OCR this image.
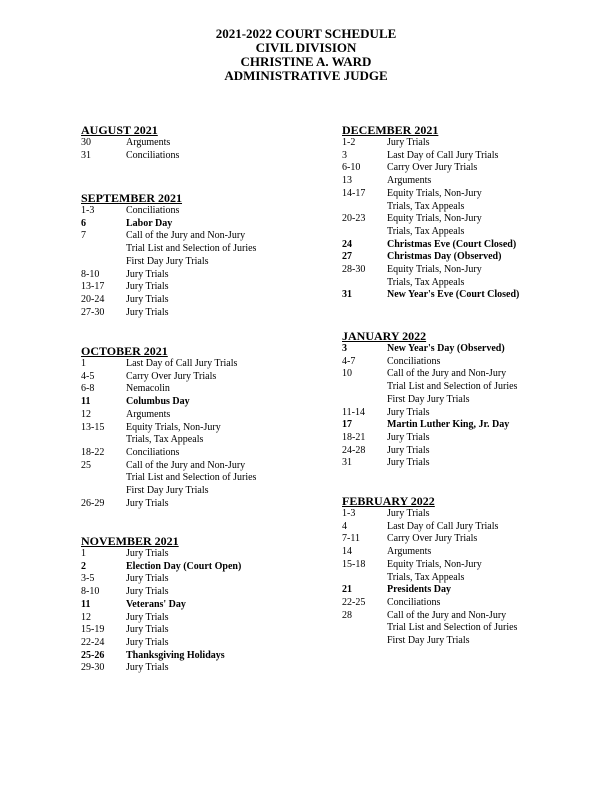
2021-2022 COURT SCHEDULE
CIVIL DIVISION
CHRISTINE A. WARD
ADMINISTRATIVE JUDGE
AUGUST 2021
30	Arguments
31	Conciliations
SEPTEMBER 2021
1-3	Conciliations
6	Labor Day
7	Call of the Jury and Non-Jury
Trial List and Selection of Juries
First Day Jury Trials
8-10	Jury Trials
13-17	Jury Trials
20-24	Jury Trials
27-30	Jury Trials
OCTOBER 2021
1	Last Day of Call Jury Trials
4-5	Carry Over Jury Trials
6-8	Nemacolin
11	Columbus Day
12	Arguments
13-15	Equity Trials, Non-Jury
Trials, Tax Appeals
18-22	Conciliations
25	Call of the Jury and Non-Jury
Trial List and Selection of Juries
First Day Jury Trials
26-29	Jury Trials
NOVEMBER 2021
1	Jury Trials
2	Election Day (Court Open)
3-5	Jury Trials
8-10	Jury Trials
11	Veterans' Day
12	Jury Trials
15-19	Jury Trials
22-24	Jury Trials
25-26	Thanksgiving Holidays
29-30	Jury Trials
DECEMBER 2021
1-2	Jury Trials
3	Last Day of Call Jury Trials
6-10	Carry Over Jury Trials
13	Arguments
14-17	Equity Trials, Non-Jury
Trials, Tax Appeals
20-23	Equity Trials, Non-Jury
Trials, Tax Appeals
24	Christmas Eve (Court Closed)
27	Christmas Day (Observed)
28-30	Equity Trials, Non-Jury
Trials, Tax Appeals
31	New Year's Eve (Court Closed)
JANUARY 2022
3	New Year's Day (Observed)
4-7	Conciliations
10	Call of the Jury and Non-Jury
Trial List and Selection of Juries
First Day Jury Trials
11-14	Jury Trials
17	Martin Luther King, Jr. Day
18-21	Jury Trials
24-28	Jury Trials
31	Jury Trials
FEBRUARY 2022
1-3	Jury Trials
4	Last Day of Call Jury Trials
7-11	Carry Over Jury Trials
14	Arguments
15-18	Equity Trials, Non-Jury
Trials, Tax Appeals
21	Presidents Day
22-25	Conciliations
28	Call of the Jury and Non-Jury
Trial List and Selection of Juries
First Day Jury Trials
